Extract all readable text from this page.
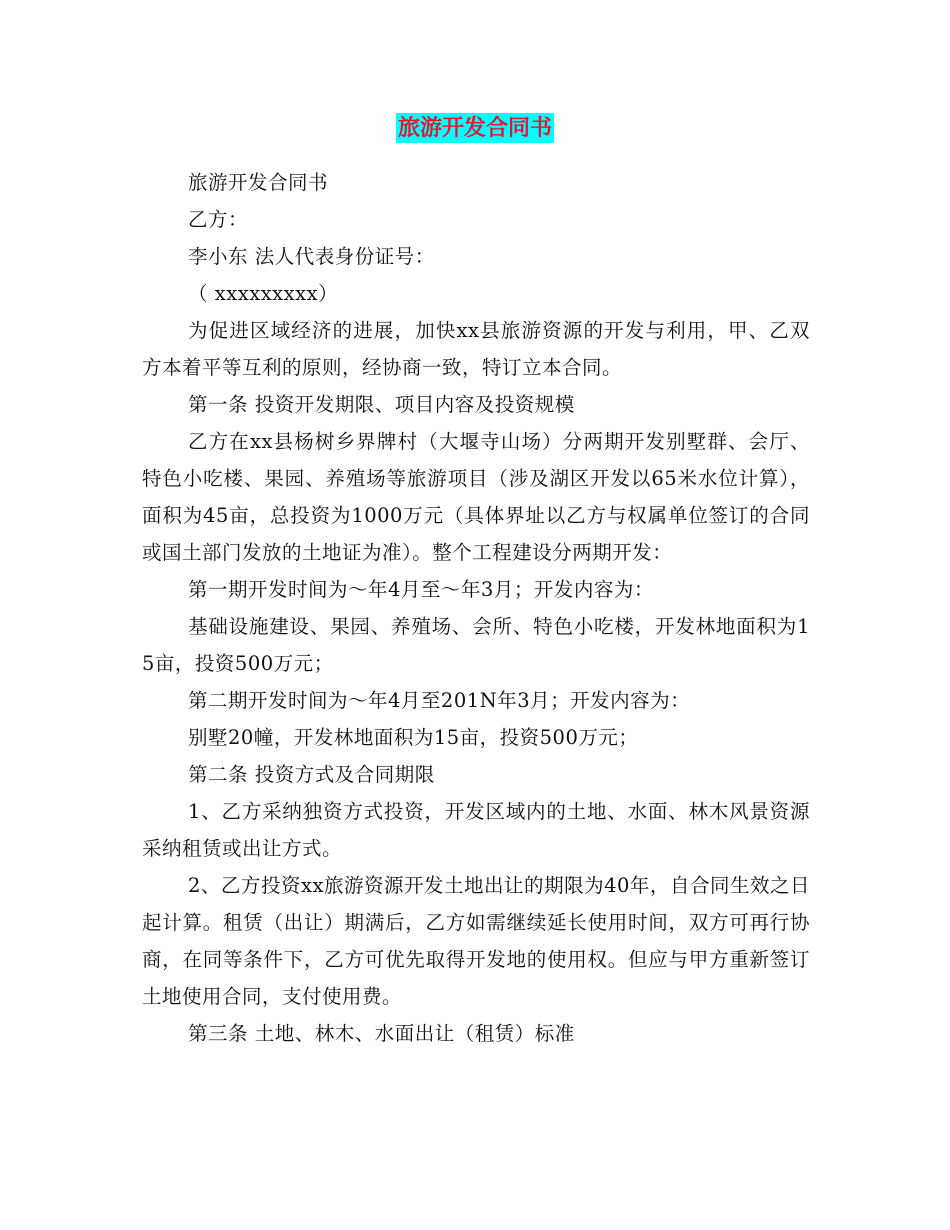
旅游开发合同书

旅游开发合同书

乙方：

李小东 法人代表身份证号：

（ xxxxxxxxx）

为促进区域经济的进展，加快xx县旅游资源的开发与利用，甲、乙双方本着平等互利的原则，经协商一致，特订立本合同。

第一条 投资开发期限、项目内容及投资规模

乙方在xx县杨树乡界牌村（大堰寺山场）分两期开发别墅群、会厅、特色小吃楼、果园、养殖场等旅游项目（涉及湖区开发以65米水位计算），面积为45亩，总投资为1000万元（具体界址以乙方与权属单位签订的合同或国土部门发放的土地证为准）。整个工程建设分两期开发：

第一期开发时间为～年4月至～年3月；开发内容为：

基础设施建设、果园、养殖场、会所、特色小吃楼，开发林地面积为15亩，投资500万元；

第二期开发时间为～年4月至201N年3月；开发内容为：

别墅20幢，开发林地面积为15亩，投资500万元；

第二条 投资方式及合同期限

1、乙方采纳独资方式投资，开发区域内的土地、水面、林木风景资源采纳租赁或出让方式。

2、乙方投资xx旅游资源开发土地出让的期限为40年，自合同生效之日起计算。租赁（出让）期满后，乙方如需继续延长使用时间，双方可再行协商，在同等条件下，乙方可优先取得开发地的使用权。但应与甲方重新签订土地使用合同，支付使用费。

第三条 土地、林木、水面出让（租赁）标准
